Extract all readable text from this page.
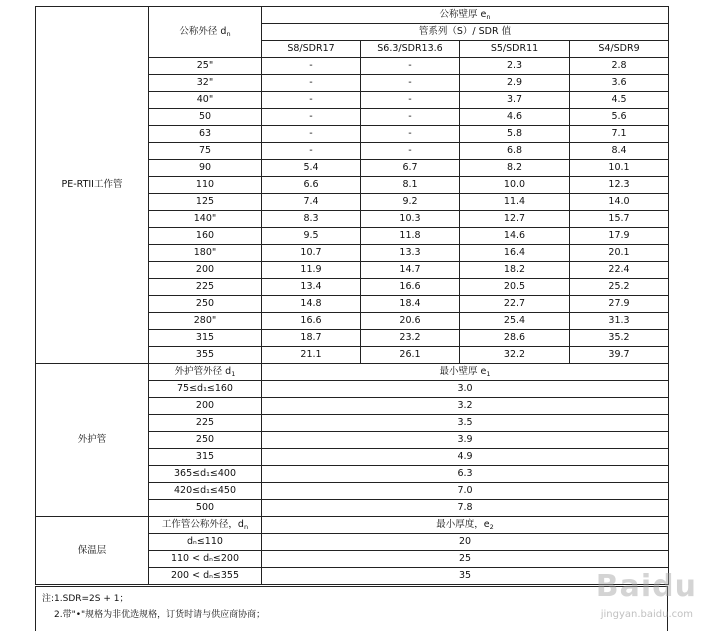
PE-RTII工作管	公称外径 $d_n$	公称壁厚 $e_n$
		管系列（S）/ SDR 值			
		S8/SDR17	S6.3/SDR13.6	S5/SDR11	S4/SDR9
	25"	-	-	2.3	2.8
	32"	-	-	2.9	3.6
	40"	-	-	3.7	4.5
	50	-	-	4.6	5.6
	63	-	-	5.8	7.1
	75	-	-	6.8	8.4
	90	5.4	6.7	8.2	10.1
	110	6.6	8.1	10.0	12.3
	125	7.4	9.2	11.4	14.0
	140"	8.3	10.3	12.7	15.7
	160	9.5	11.8	14.6	17.9
	180"	10.7	13.3	16.4	20.1
	200	11.9	14.7	18.2	22.4
	225	13.4	16.6	20.5	25.2
	250	14.8	18.4	22.7	27.9
	280"	16.6	20.6	25.4	31.3
	315	18.7	23.2	28.6	35.2
	355	21.1	26.1	32.2	39.7
外护管	外护管外径 $d_1$	最小壁厚 $e_1$
	75≤d₁≤160	3.0			
	200	3.2			
	225	3.5			
	250	3.9			
	315	4.9			
	365≤d₁≤400	6.3			
	420≤d₁≤450	7.0			
	500	7.8			
保温层	工作管公称外径，$d_n$	最小厚度，$e_2$
	dₙ≤110	20			
	110 < dₙ≤200	25			
	200 < dₙ≤355	35			
注:1.SDR=2S + 1；
2.带"•"规格为非优选规格，订货时请与供应商协商；
Baidu
jingyan.baidu.com
